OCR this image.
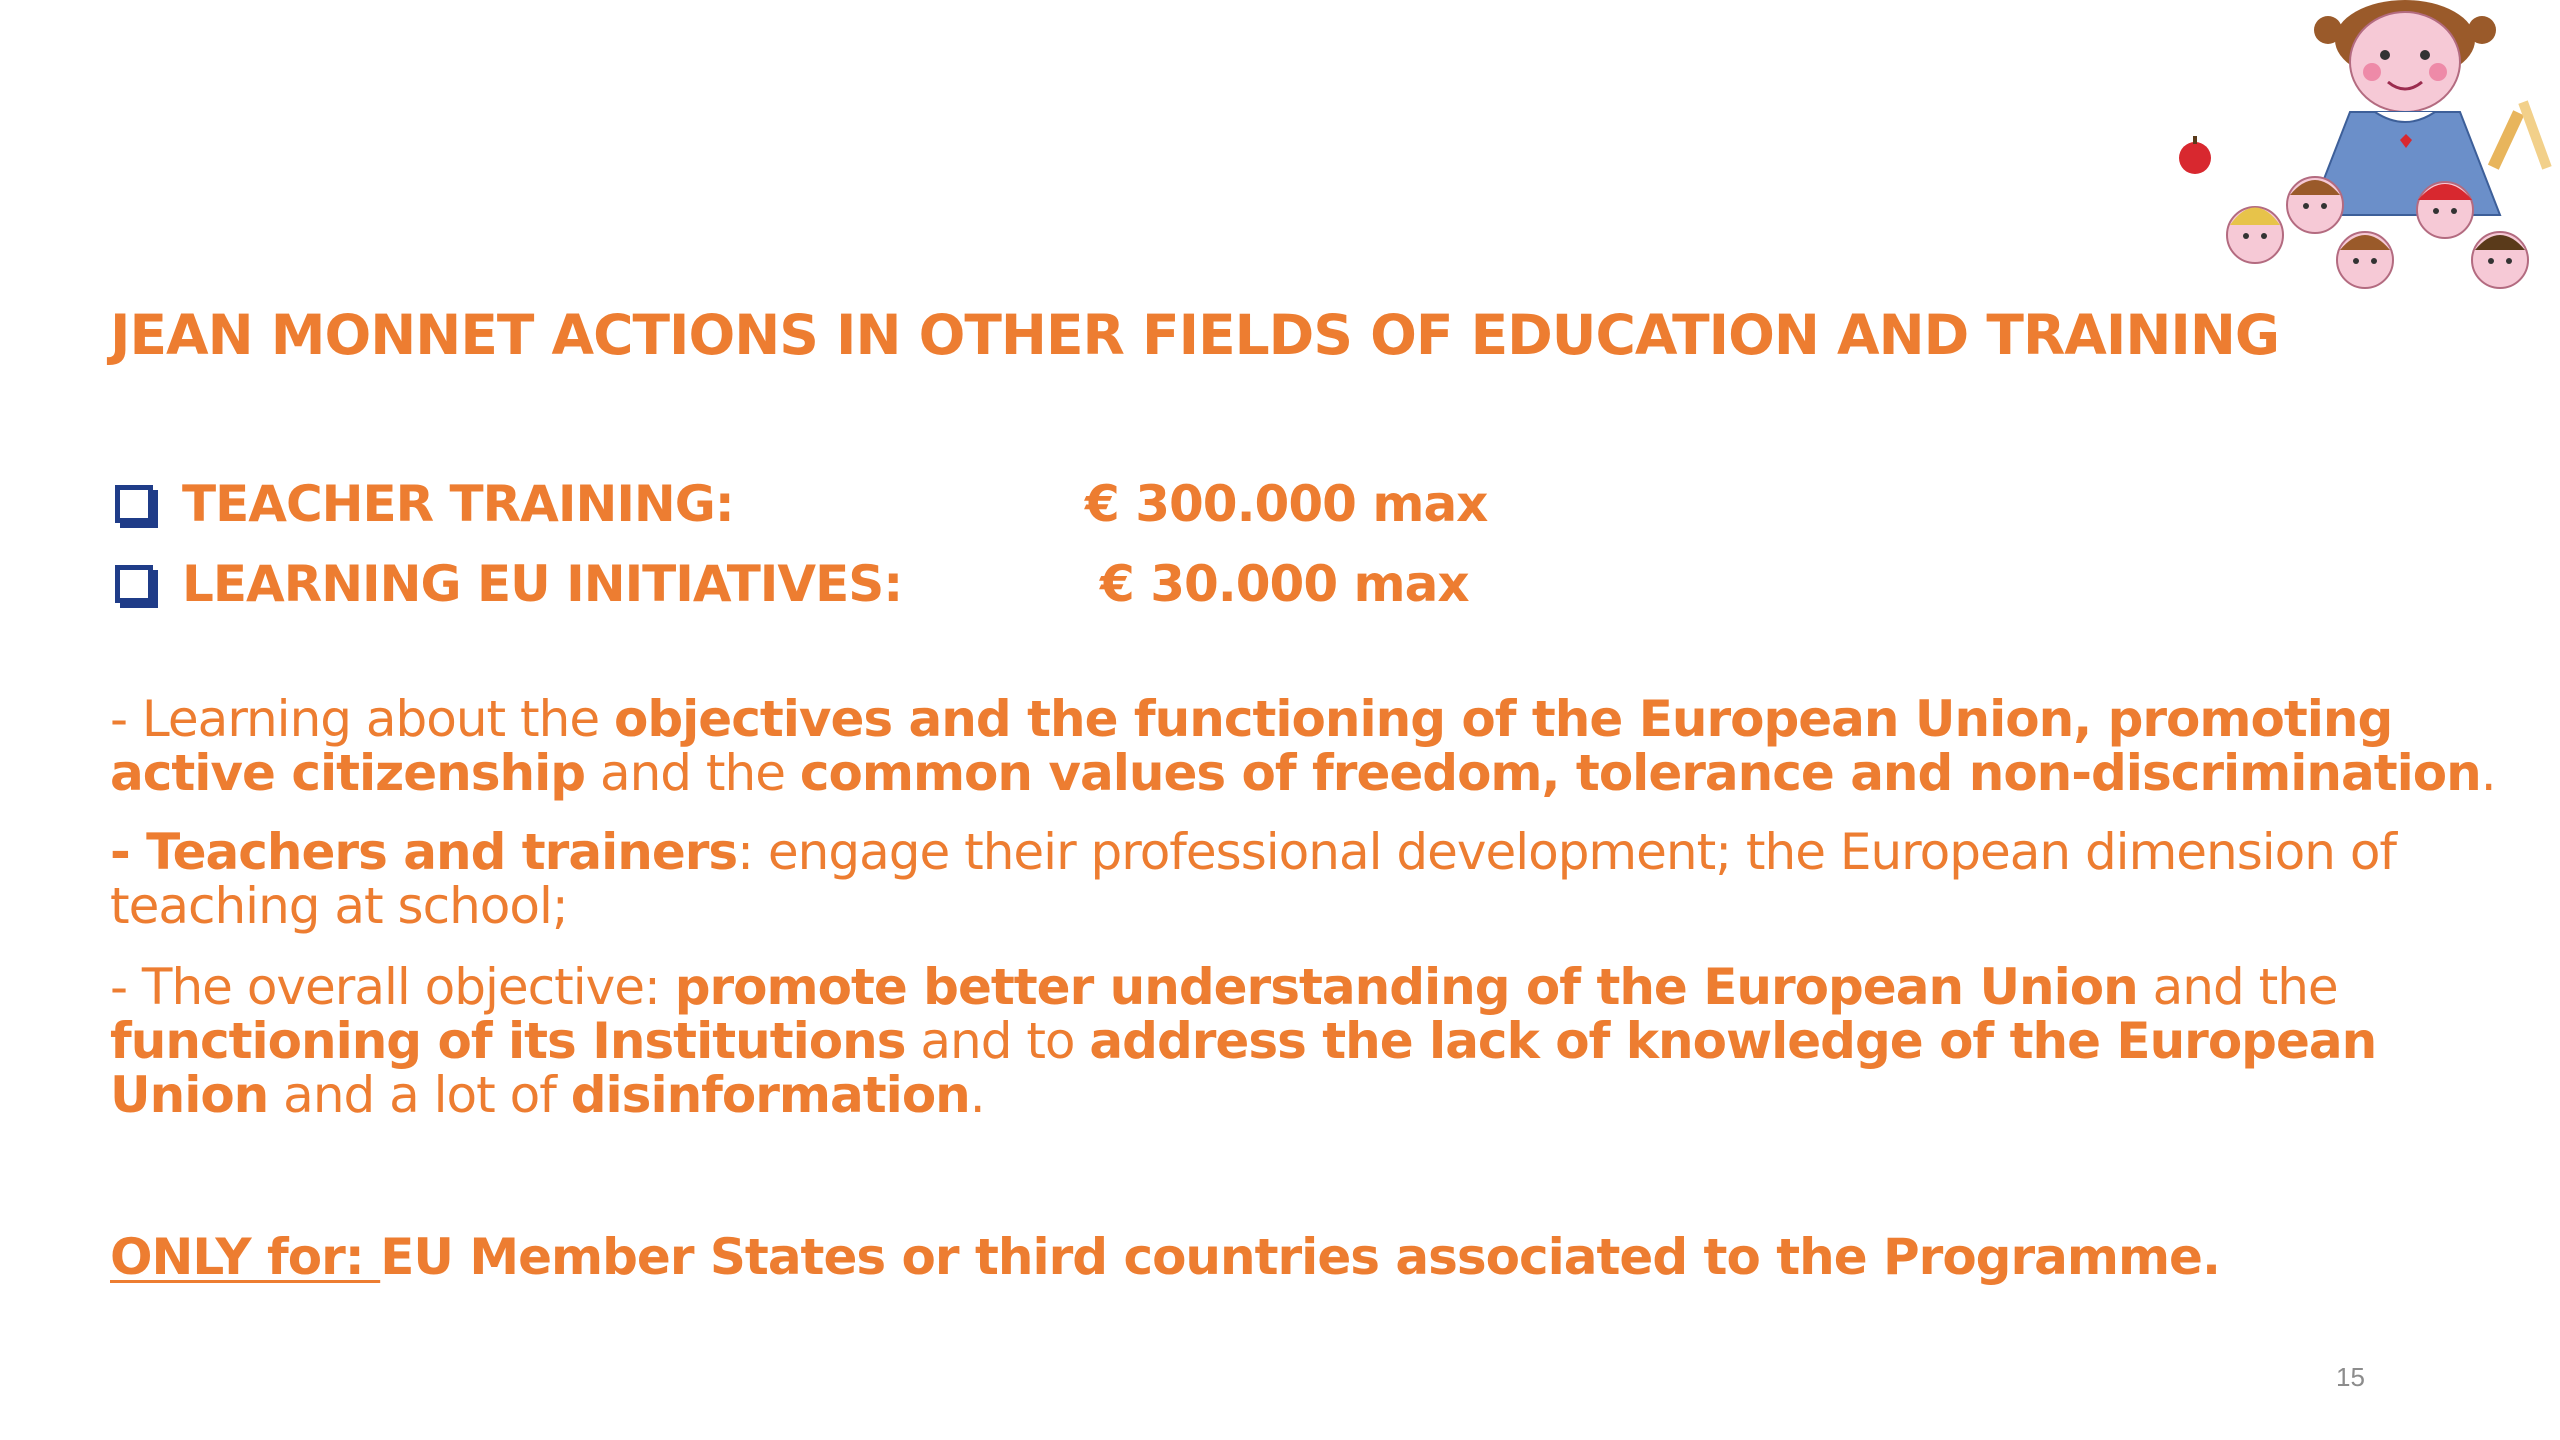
JEAN MONNET ACTIONS IN OTHER FIELDS OF EDUCATION AND TRAINING
TEACHER TRAINING:	€ 300.000 max
LEARNING EU INITIATIVES:	€ 30.000 max

- Learning about the objectives and the functioning of the European Union, promoting active citizenship and the common values of freedom, tolerance and non-discrimination.

- Teachers and trainers: engage their professional development; the European dimension of teaching at school;

- The overall objective: promote better understanding of the European Union and the functioning of its Institutions and to address the lack of knowledge of the European Union and a lot of disinformation.

ONLY for: EU Member States or third countries associated to the Programme.
15
